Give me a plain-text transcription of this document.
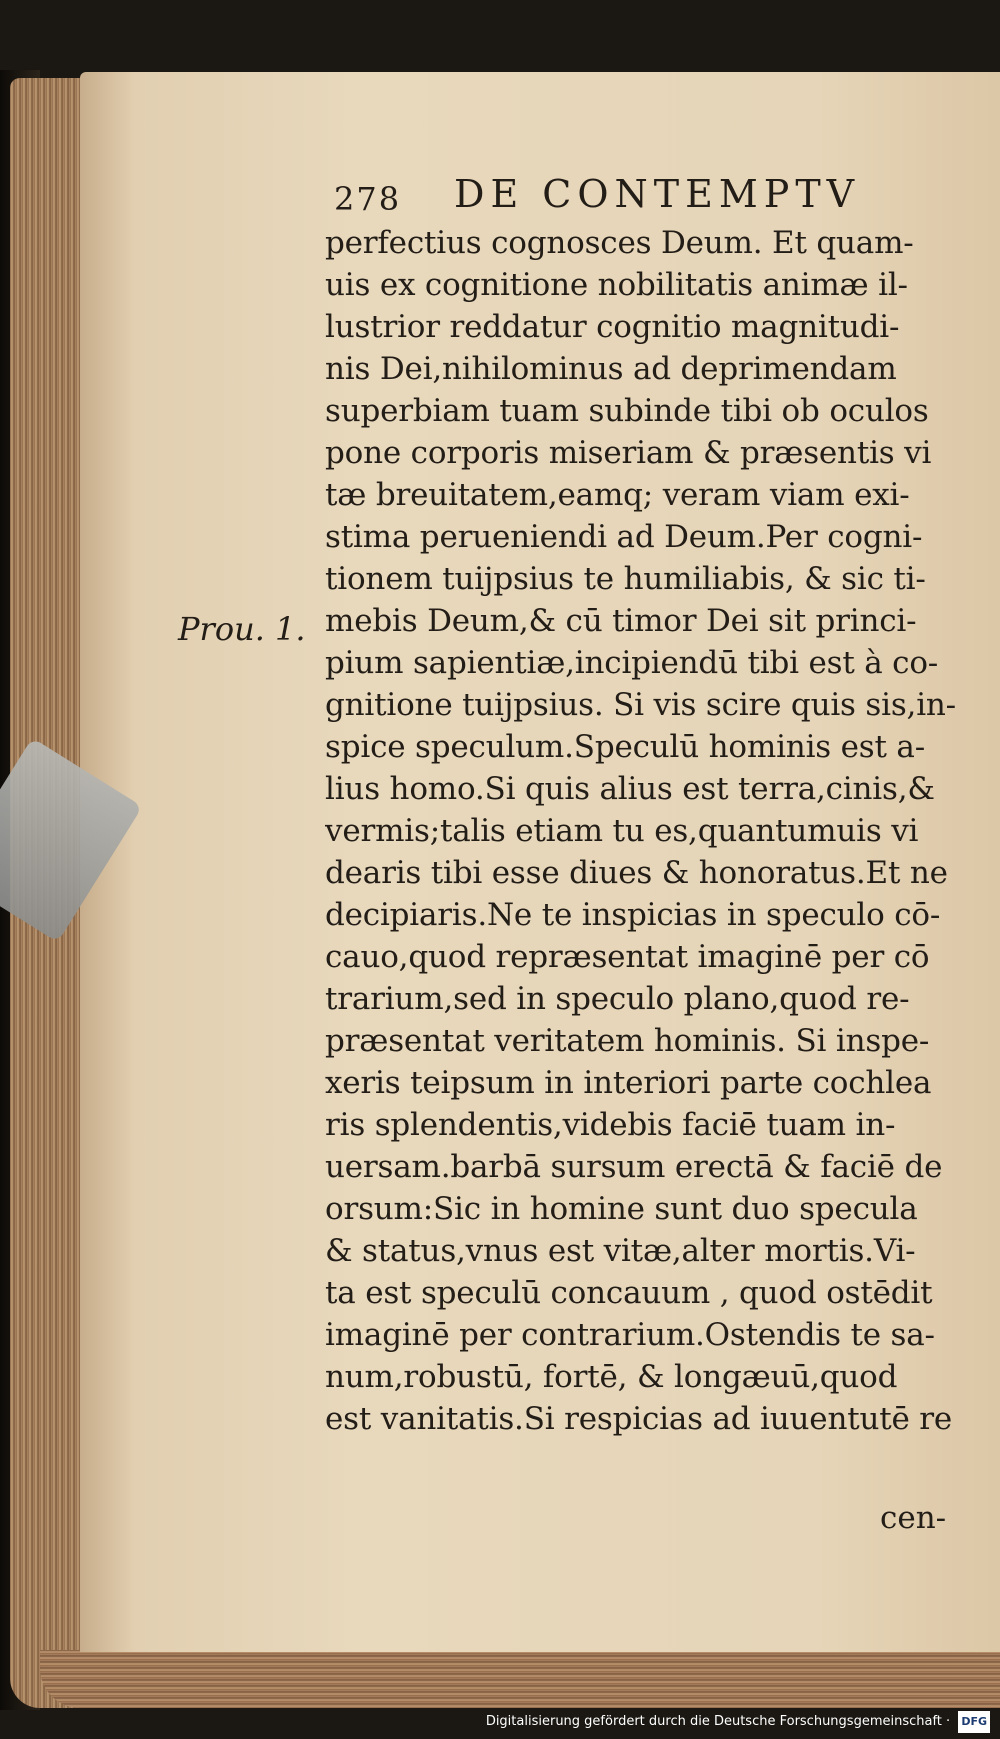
278 DE CONTEMPTV
Prou. 1.
perfectius cognosces Deum. Et quam-
uis ex cognitione nobilitatis animæ il-
lustrior reddatur cognitio magnitudi-
nis Dei,nihilominus ad deprimendam
superbiam tuam subinde tibi ob oculos
pone corporis miseriam & præsentis vi
tæ breuitatem,eamq; veram viam exi-
stima perueniendi ad Deum.Per cogni-
tionem tuijpsius te humiliabis, & sic ti-
mebis Deum,& cū timor Dei sit princi-
pium sapientiæ,incipiendū tibi est à co-
gnitione tuijpsius. Si vis scire quis sis,in-
spice speculum.Speculū hominis est a-
lius homo.Si quis alius est terra,cinis,&
vermis;talis etiam tu es,quantumuis vi
dearis tibi esse diues & honoratus.Et ne
decipiaris.Ne te inspicias in speculo cō-
cauo,quod repræsentat imaginē per cō
trarium,sed in speculo plano,quod re-
præsentat veritatem hominis. Si inspe-
xeris teipsum in interiori parte cochlea
ris splendentis,videbis faciē tuam in-
uersam.barbā sursum erectā & faciē de
orsum:Sic in homine sunt duo specula
& status,vnus est vitæ,alter mortis.Vi-
ta est speculū concauum , quod ostēdit
imaginē per contrarium.Ostendis te sa-
num,robustū, fortē, & longæuū,quod
est vanitatis.Si respicias ad iuuentutē re
cen-
Digitalisierung gefördert durch die Deutsche Forschungsgemeinschaft · DFG
